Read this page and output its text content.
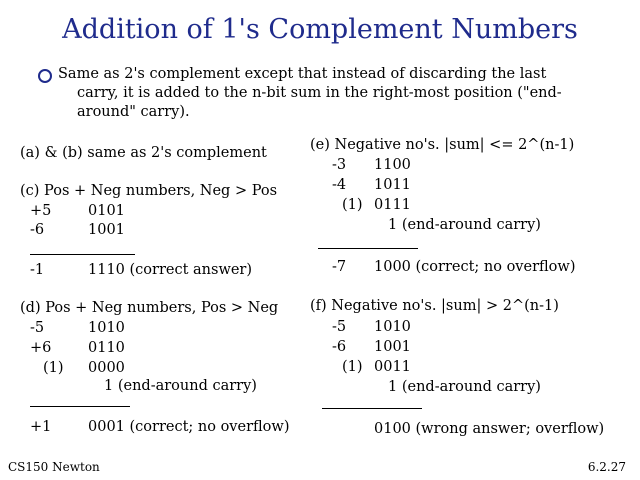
Addition of 1's Complement Numbers
Same as 2's complement except that instead of discarding the last
carry, it is added to the n-bit sum in the right-most position ("end-
around" carry).
(a) & (b) same as 2's complement
(c) Pos + Neg numbers, Neg > Pos
+5	0101
-6	1001
-1	1110 (correct answer)
(d) Pos + Neg numbers, Pos > Neg
-5	1010
+6	0110
(1) 0000
1 (end-around carry)
+1	0001 (correct; no overflow)
(e) Negative no's. |sum| <= 2^(n-1)
-3 1100
-4 1011
(1) 0111
1 (end-around carry)
-7 1000 (correct; no overflow)
(f) Negative no's. |sum| > 2^(n-1)
-5 1010
-6 1001
(1) 0011
1 (end-around carry)
0100 (wrong answer; overflow)
CS150 Newton	6.2.27
